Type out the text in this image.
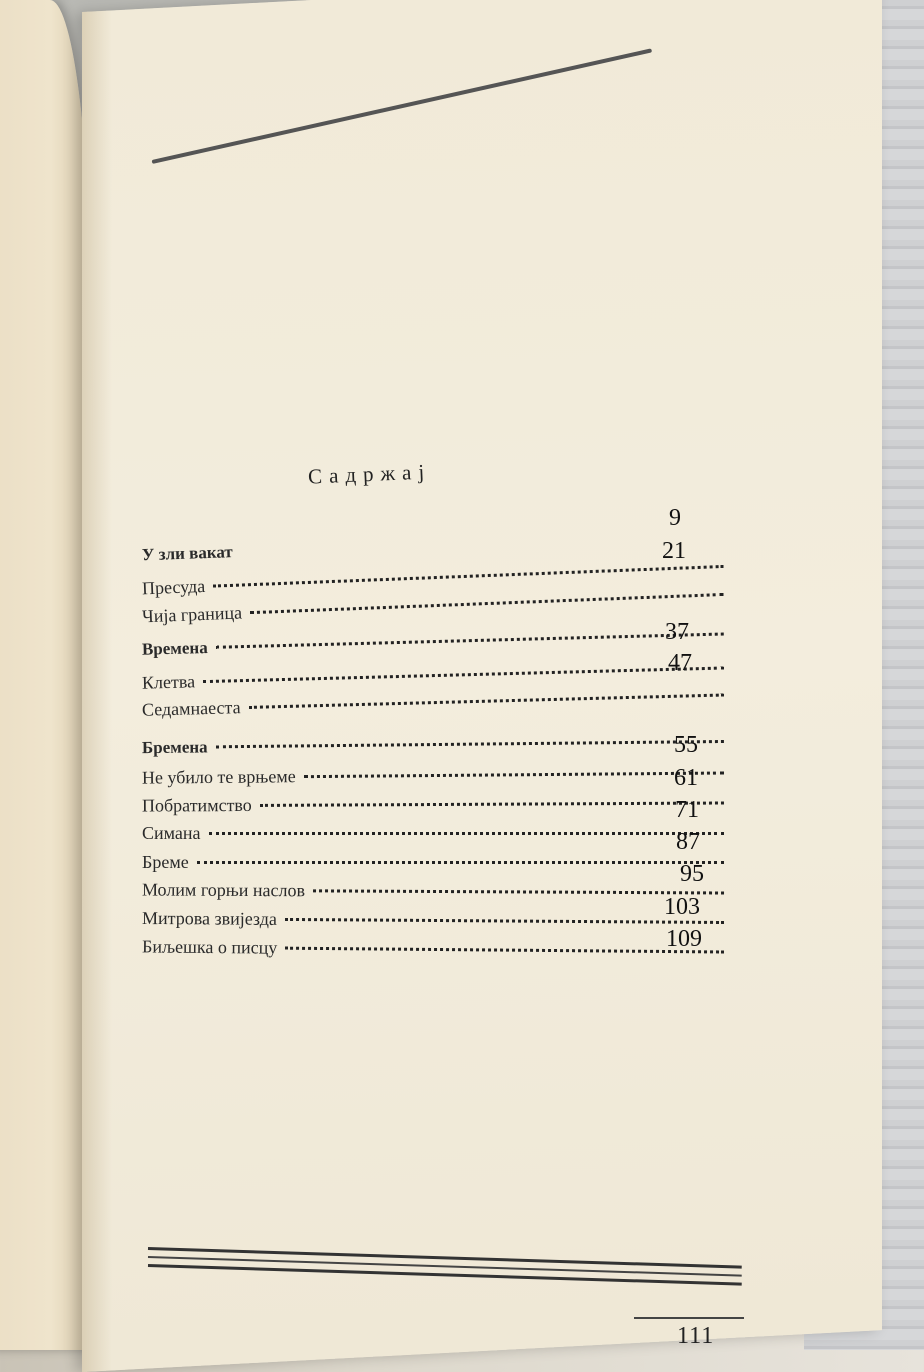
Садржај
У зли вакат
Пресуда
Чија граница
Времена
Клетва
Седамнаеста
Бремена
Не убило те врњеме
Побратимство
Симана
Бреме
Молим горњи наслов
Митрова звијезда
Биљешка о писцу
9
21
37
47
55
61
71
87
95
103
109
111
